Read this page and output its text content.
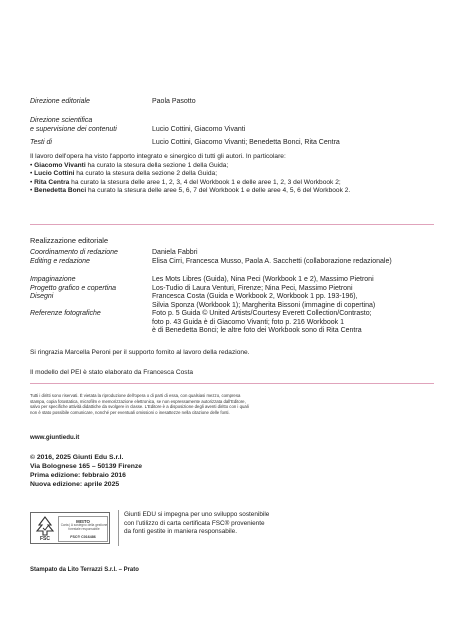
Direzione editoriale	Paola Pasotto
Direzione scientifica
e supervisione dei contenuti	Lucio Cottini, Giacomo Vivanti
Testi di	Lucio Cottini, Giacomo Vivanti; Benedetta Bonci, Rita Centra
Il lavoro dell'opera ha visto l'apporto integrato e sinergico di tutti gli autori. In particolare:
• Giacomo Vivanti ha curato la stesura della sezione 1 della Guida;
• Lucio Cottini ha curato la stesura della sezione 2 della Guida;
• Rita Centra ha curato la stesura delle aree 1, 2, 3, 4 del Workbook 1 e delle aree 1, 2, 3 del Workbook 2;
• Benedetta Bonci ha curato la stesura delle aree 5, 6, 7 del Workbook 1 e delle aree 4, 5, 6 del Workbook 2.
Realizzazione editoriale
Coordinamento di redazione	Daniela Fabbri
Editing e redazione	Elisa Cirri, Francesca Musso, Paola A. Sacchetti (collaborazione redazionale)
Impaginazione	Les Mots Libres (Guida), Nina Peci (Workbook 1 e 2), Massimo Pietroni
Progetto grafico e copertina	Los-Tudio di Laura Venturi, Firenze; Nina Peci, Massimo Pietroni
Disegni	Francesca Costa (Guida e Workbook 2, Workbook 1 pp. 193-196),
Silvia Sponza (Workbook 1); Margherita Bissoni (immagine di copertina)
Referenze fotografiche	Foto p. 5 Guida © United Artists/Courtesy Everett Collection/Contrasto;
foto p. 43 Guida è di Giacomo Vivanti; foto p. 216 Workbook 1
è di Benedetta Bonci; le altre foto dei Workbook sono di Rita Centra
Si ringrazia Marcella Peroni per il supporto fornito al lavoro della redazione.
Il modello del PEI è stato elaborato da Francesca Costa
Tutti i diritti sono riservati. È vietata la riproduzione dell'opera o di parti di essa, con qualsiasi mezzo, compresa
stampa, copia fotostatica, microfilm e memorizzazione elettronica, se non espressamente autorizzata dall'Editore,
salvo per specifiche attività didattiche da svolgere in classe. L'Editore è a disposizione degli aventi diritto con i quali
non è stato possibile comunicare, nonché per eventuali omissioni o inesattezze nella citazione delle fonti.
www.giuntiedu.it
© 2016, 2025 Giunti Edu S.r.l.
Via Bolognese 165 – 50139 Firenze
Prima edizione: febbraio 2016
Nuova edizione: aprile 2025
FSC
MISTO
Carta | A sostegno della gestione forestale responsabile
FSC® C016486
Giunti EDU si impegna per uno sviluppo sostenibile
con l'utilizzo di carta certificata FSC® proveniente
da fonti gestite in maniera responsabile.
Stampato da Lito Terrazzi S.r.l. – Prato
